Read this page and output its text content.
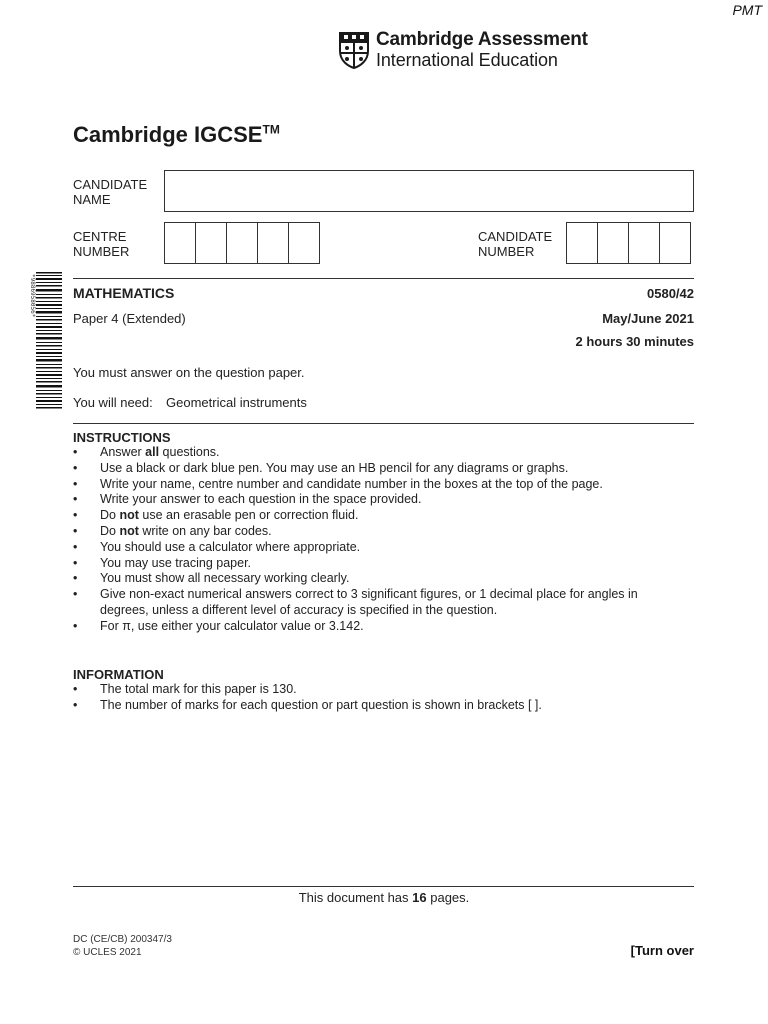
PMT
Cambridge Assessment
International Education
Cambridge IGCSE™
CANDIDATE
NAME
CENTRE
NUMBER
CANDIDATE
NUMBER
*9886958056*	MATHEMATICS	0580/42
Paper 4 (Extended)	May/June 2021
2 hours 30 minutes
You must answer on the question paper.
You will need: Geometrical instruments
INSTRUCTIONS
• Answer all questions.
• Use a black or dark blue pen. You may use an HB pencil for any diagrams or graphs.
• Write your name, centre number and candidate number in the boxes at the top of the page.
• Write your answer to each question in the space provided.
• Do not use an erasable pen or correction fluid.
• Do not write on any bar codes.
• You should use a calculator where appropriate.
• You may use tracing paper.
• You must show all necessary working clearly.
• Give non-exact numerical answers correct to 3 significant figures, or 1 decimal place for angles in degrees, unless a different level of accuracy is specified in the question.
• For π, use either your calculator value or 3.142.
INFORMATION
• The total mark for this paper is 130.
• The number of marks for each question or part question is shown in brackets [ ].
This document has 16 pages.
DC (CE/CB) 200347/3
© UCLES 2021	[Turn over
